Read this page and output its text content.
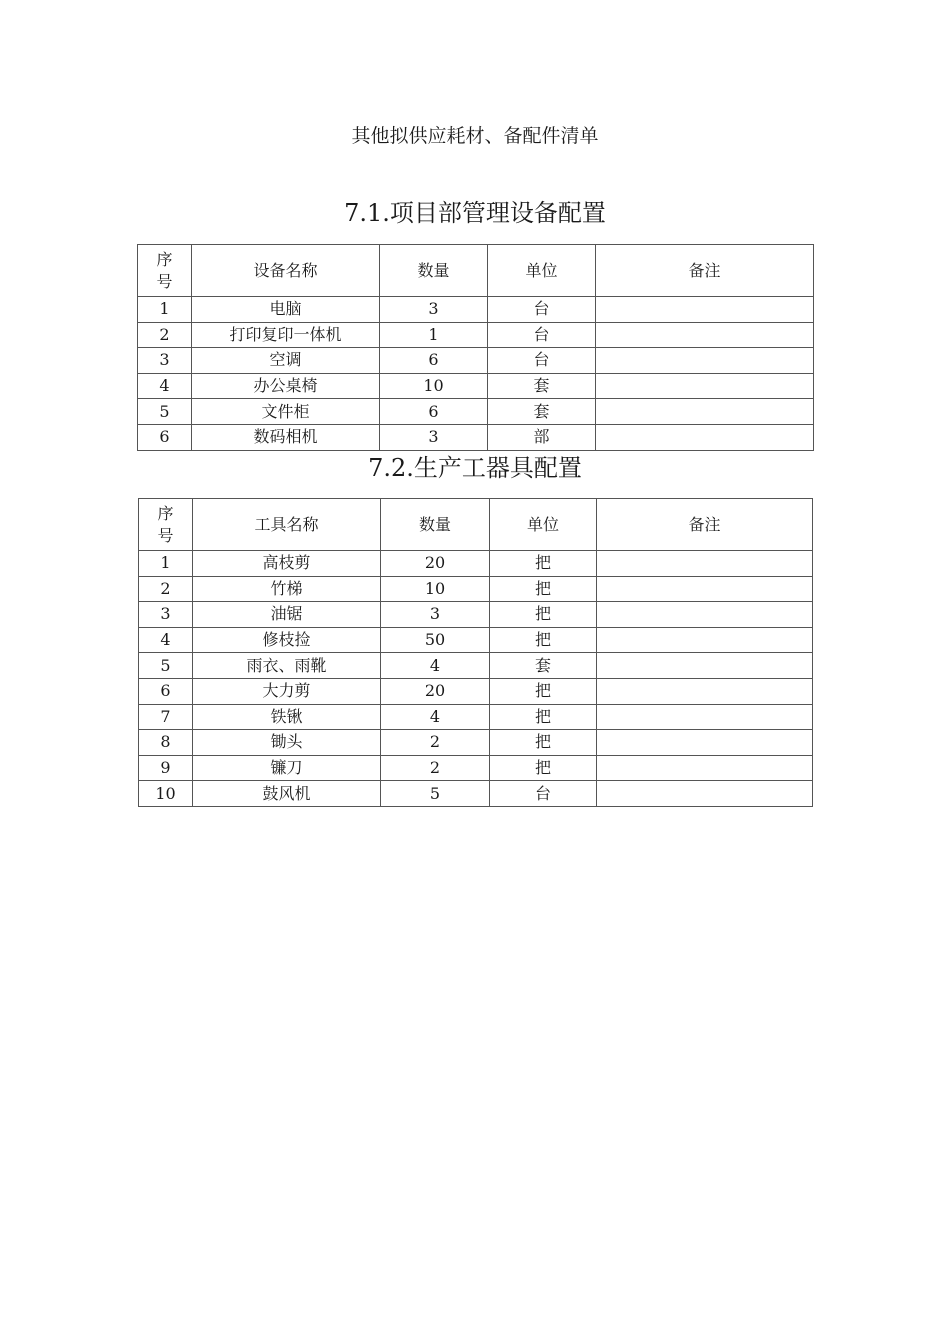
其他拟供应耗材、备配件清单
7.1.项目部管理设备配置
序
号	设备名称	数量	单位	备注
1	电脑	3	台	
2	打印复印一体机	1	台	
3	空调	6	台	
4	办公桌椅	10	套	
5	文件柜	6	套	
6	数码相机	3	部	
7.2.生产工器具配置
序
号	工具名称	数量	单位	备注
1	高枝剪	20	把	
2	竹梯	10	把	
3	油锯	3	把	
4	修枝捡	50	把	
5	雨衣、雨靴	4	套	
6	大力剪	20	把	
7	铁锹	4	把	
8	锄头	2	把	
9	镰刀	2	把	
10	鼓风机	5	台	
